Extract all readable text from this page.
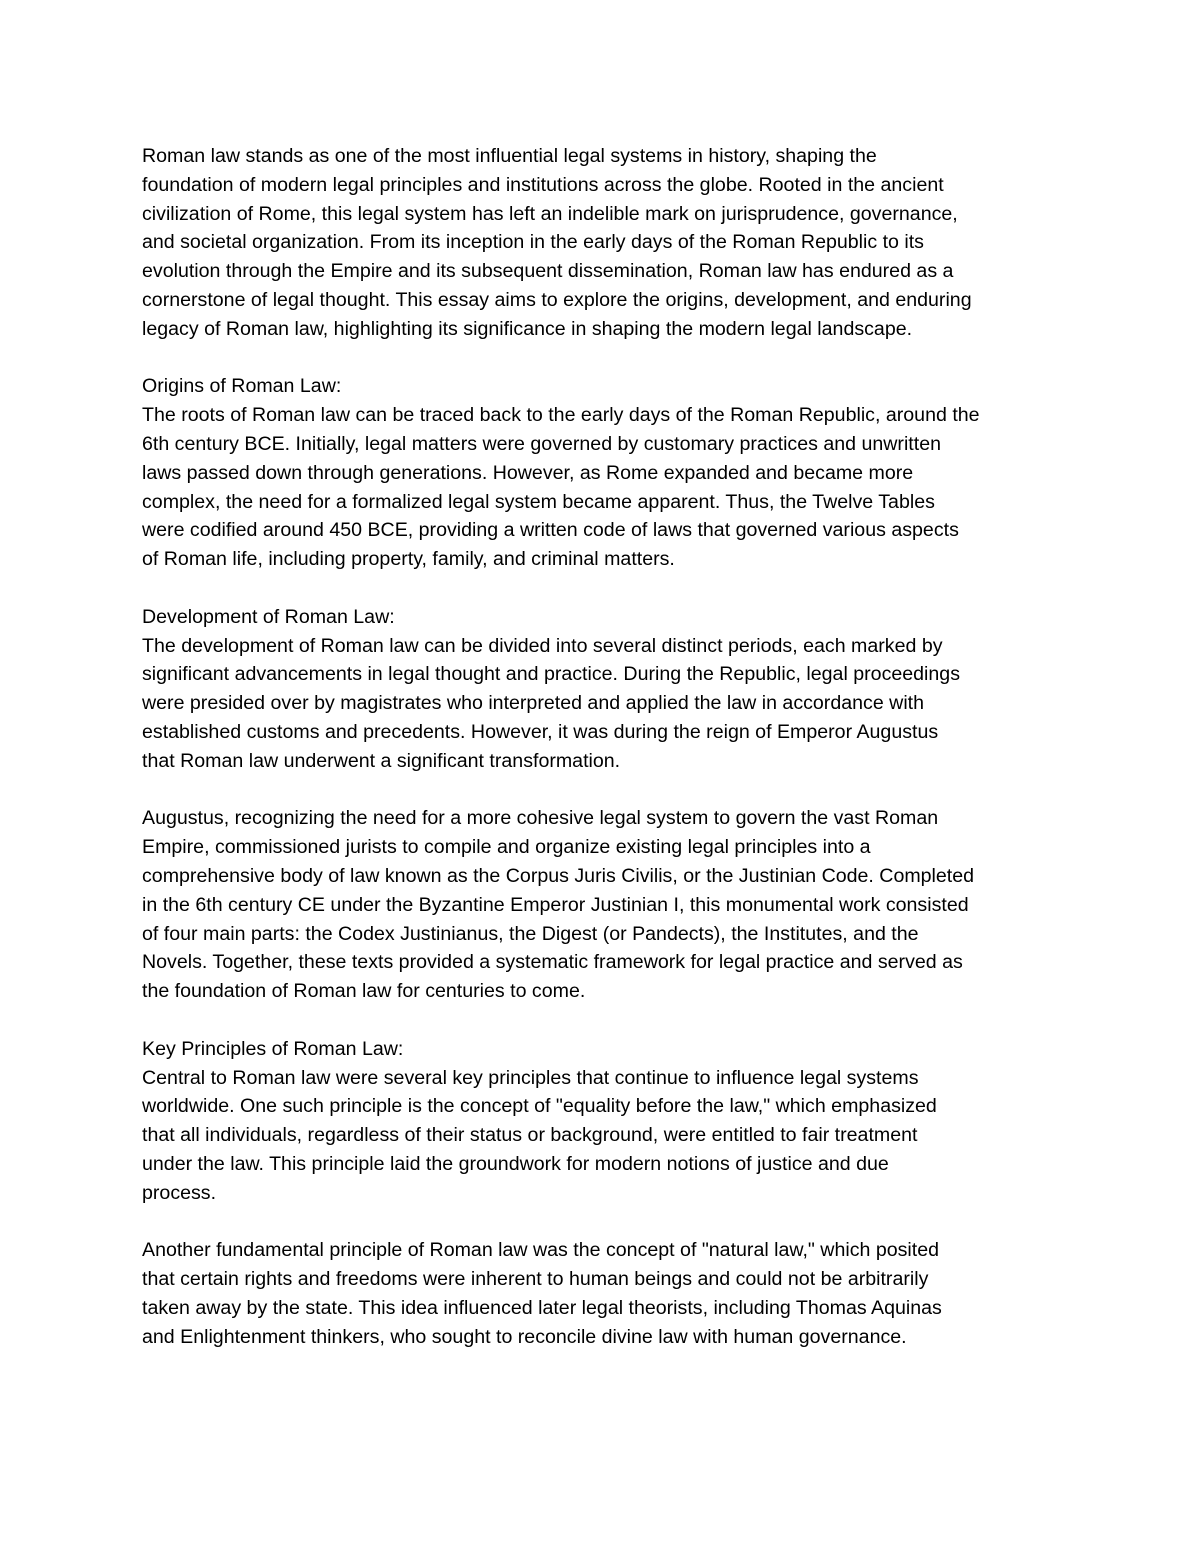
Roman law stands as one of the most influential legal systems in history, shaping the
foundation of modern legal principles and institutions across the globe. Rooted in the ancient
civilization of Rome, this legal system has left an indelible mark on jurisprudence, governance,
and societal organization. From its inception in the early days of the Roman Republic to its
evolution through the Empire and its subsequent dissemination, Roman law has endured as a
cornerstone of legal thought. This essay aims to explore the origins, development, and enduring
legacy of Roman law, highlighting its significance in shaping the modern legal landscape.
Origins of Roman Law:
The roots of Roman law can be traced back to the early days of the Roman Republic, around the
6th century BCE. Initially, legal matters were governed by customary practices and unwritten
laws passed down through generations. However, as Rome expanded and became more
complex, the need for a formalized legal system became apparent. Thus, the Twelve Tables
were codified around 450 BCE, providing a written code of laws that governed various aspects
of Roman life, including property, family, and criminal matters.
Development of Roman Law:
The development of Roman law can be divided into several distinct periods, each marked by
significant advancements in legal thought and practice. During the Republic, legal proceedings
were presided over by magistrates who interpreted and applied the law in accordance with
established customs and precedents. However, it was during the reign of Emperor Augustus
that Roman law underwent a significant transformation.
Augustus, recognizing the need for a more cohesive legal system to govern the vast Roman
Empire, commissioned jurists to compile and organize existing legal principles into a
comprehensive body of law known as the Corpus Juris Civilis, or the Justinian Code. Completed
in the 6th century CE under the Byzantine Emperor Justinian I, this monumental work consisted
of four main parts: the Codex Justinianus, the Digest (or Pandects), the Institutes, and the
Novels. Together, these texts provided a systematic framework for legal practice and served as
the foundation of Roman law for centuries to come.
Key Principles of Roman Law:
Central to Roman law were several key principles that continue to influence legal systems
worldwide. One such principle is the concept of "equality before the law," which emphasized
that all individuals, regardless of their status or background, were entitled to fair treatment
under the law. This principle laid the groundwork for modern notions of justice and due
process.
Another fundamental principle of Roman law was the concept of "natural law," which posited
that certain rights and freedoms were inherent to human beings and could not be arbitrarily
taken away by the state. This idea influenced later legal theorists, including Thomas Aquinas
and Enlightenment thinkers, who sought to reconcile divine law with human governance.
